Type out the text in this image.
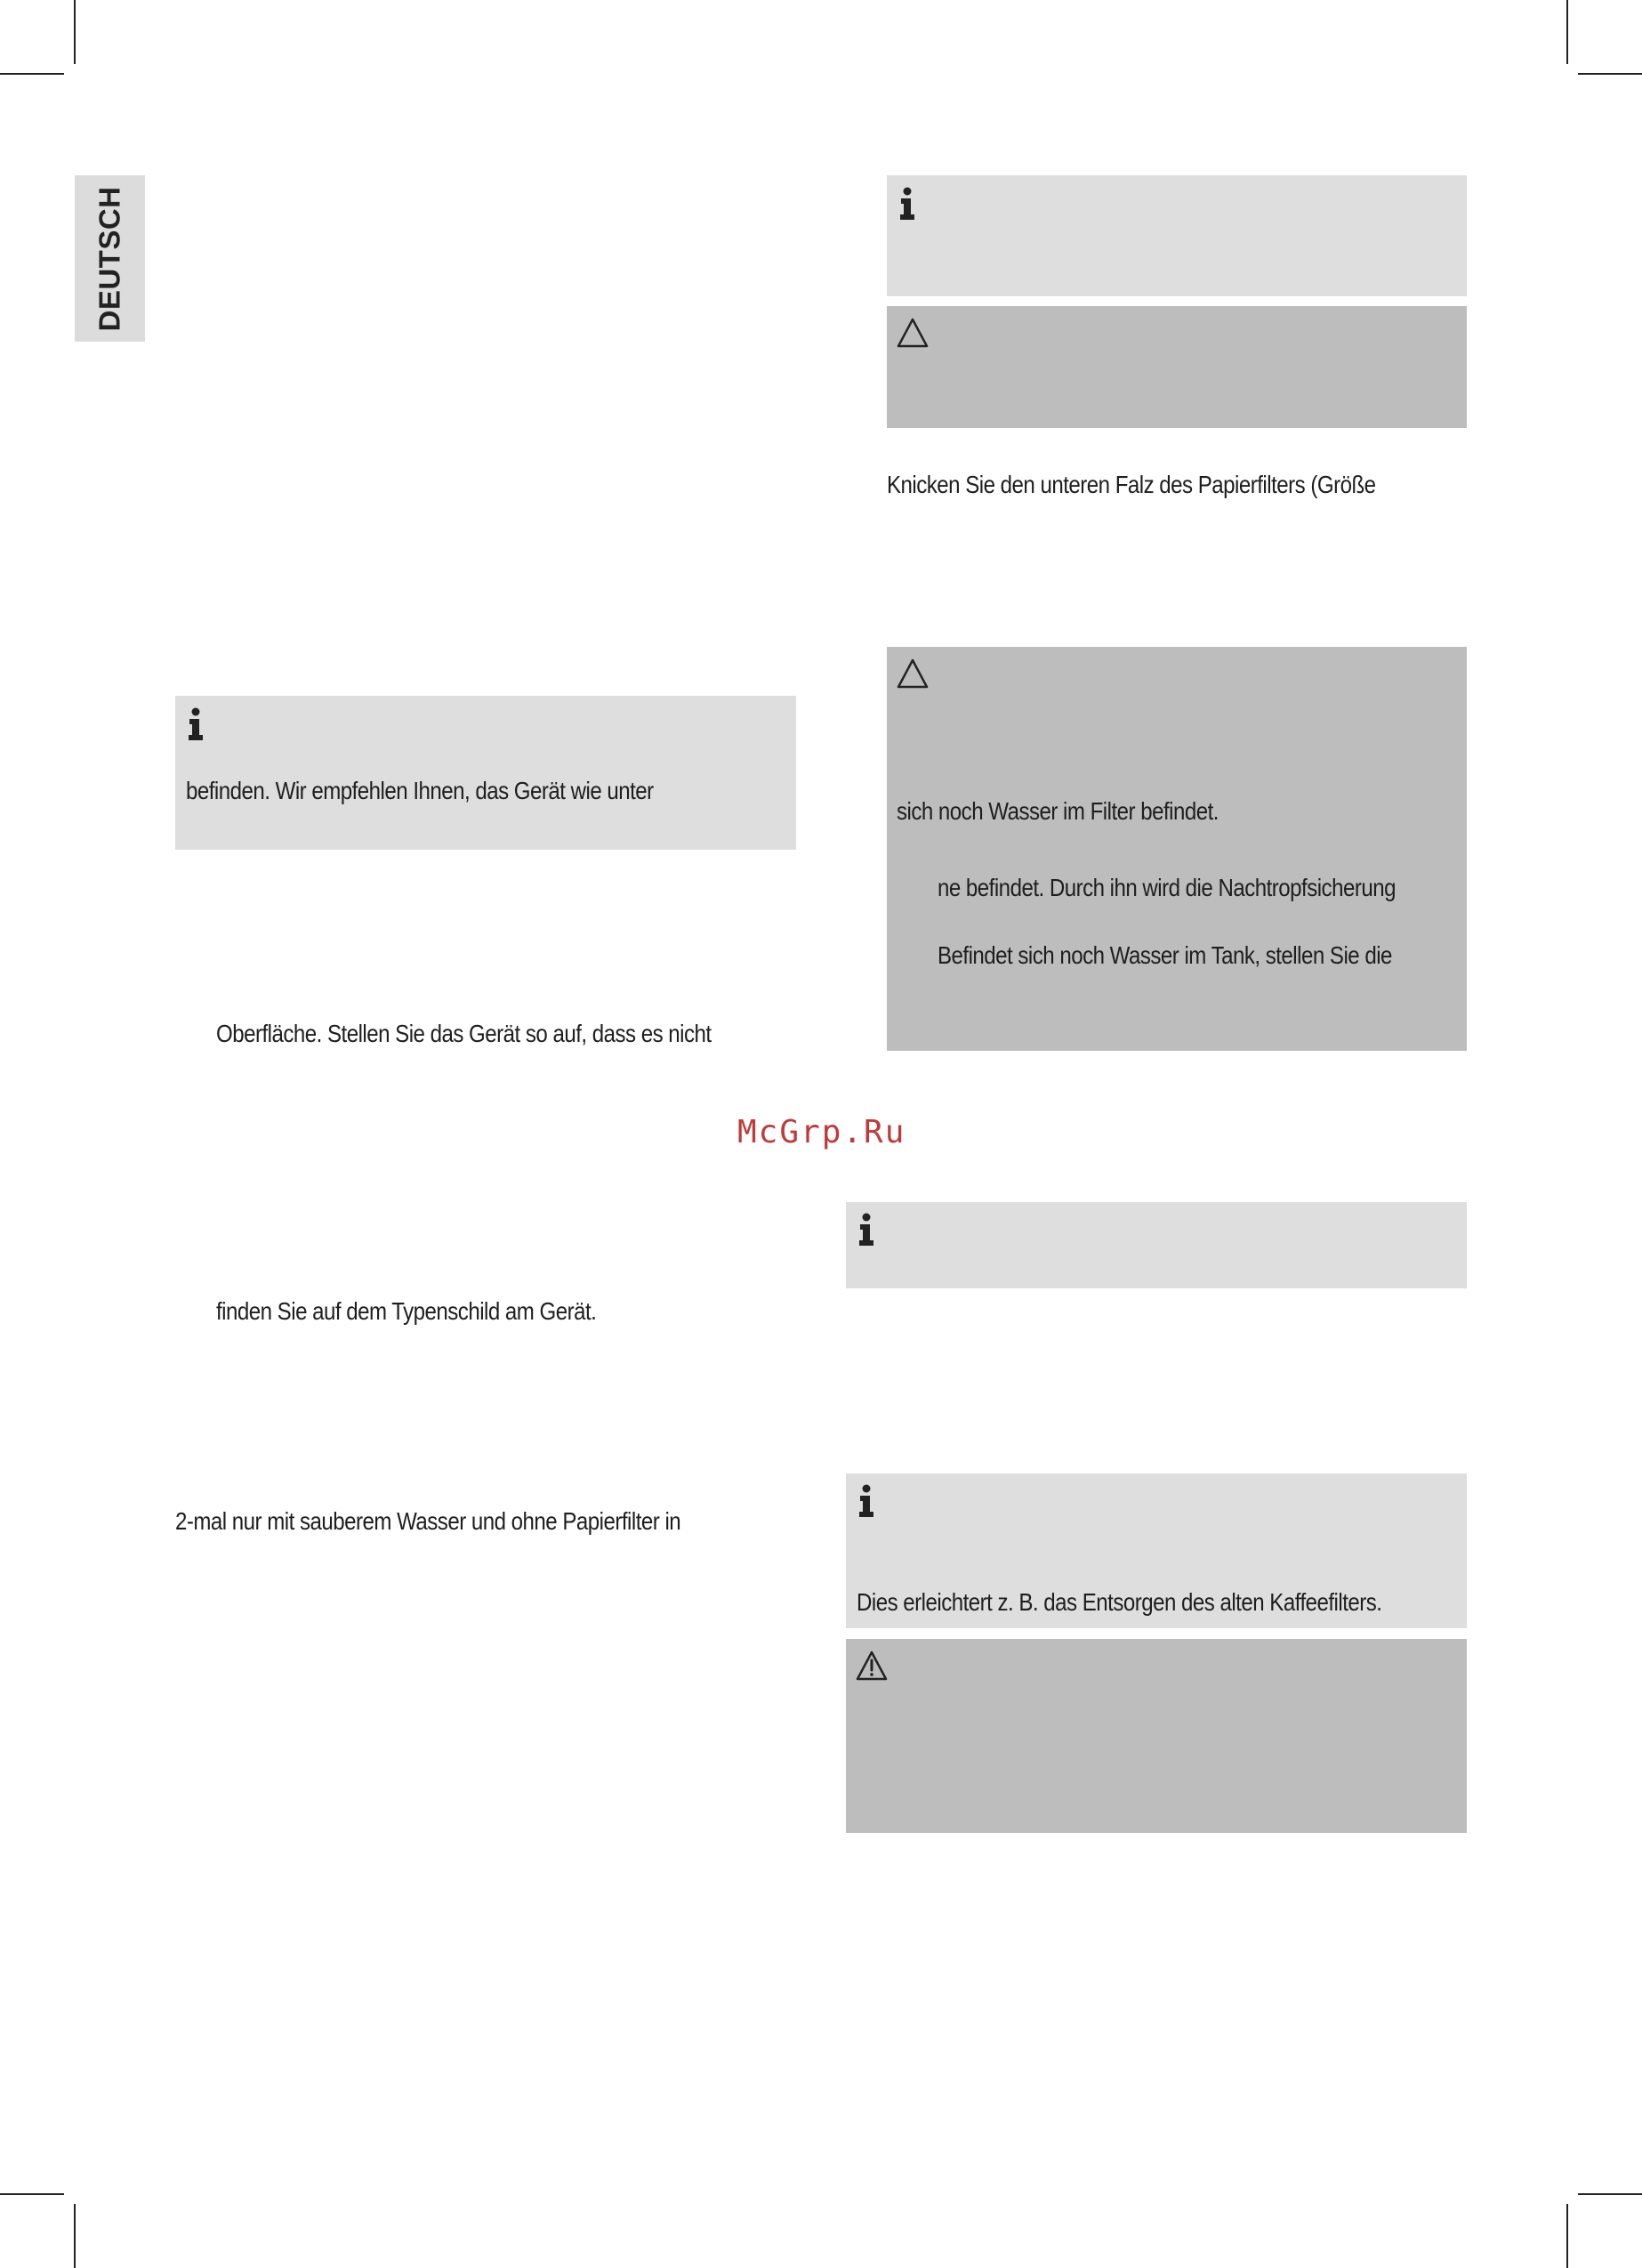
DEUTSCH
befinden. Wir empfehlen Ihnen, das Gerät wie unter
Oberfläche. Stellen Sie das Gerät so auf, dass es nicht
finden Sie auf dem Typenschild am Gerät.
2-mal nur mit sauberem Wasser und ohne Papierfilter in
Knicken Sie den unteren Falz des Papierfilters (Größe
sich noch Wasser im Filter befindet.
ne befindet. Durch ihn wird die Nachtropfsicherung
Befindet sich noch Wasser im Tank, stellen Sie die
McGrp.Ru
Dies erleichtert z. B. das Entsorgen des alten Kaffeefilters.
